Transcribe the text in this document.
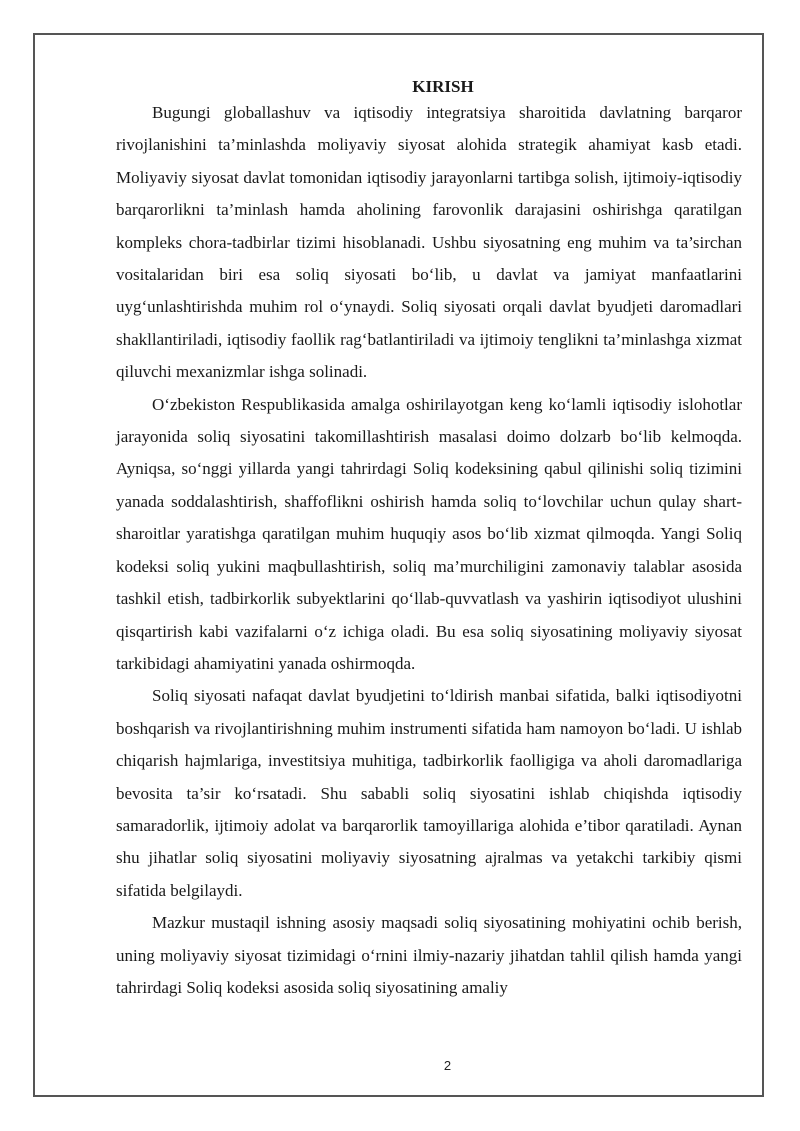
KIRISH

Bugungi globallashuv va iqtisodiy integratsiya sharoitida davlatning barqaror rivojlanishini ta’minlashda moliyaviy siyosat alohida strategik ahamiyat kasb etadi. Moliyaviy siyosat davlat tomonidan iqtisodiy jarayonlarni tartibga solish, ijtimoiy-iqtisodiy barqarorlikni ta’minlash hamda aholining farovonlik darajasini oshirishga qaratilgan kompleks chora-tadbirlar tizimi hisoblanadi. Ushbu siyosatning eng muhim va ta’sirchan vositalaridan biri esa soliq siyosati bo‘lib, u davlat va jamiyat manfaatlarini uyg‘unlashtirishda muhim rol o‘ynaydi. Soliq siyosati orqali davlat byudjeti daromadlari shakllantiriladi, iqtisodiy faollik rag‘batlantiriladi va ijtimoiy tenglikni ta’minlashga xizmat qiluvchi mexanizmlar ishga solinadi.

O‘zbekiston Respublikasida amalga oshirilayotgan keng ko‘lamli iqtisodiy islohotlar jarayonida soliq siyosatini takomillashtirish masalasi doimo dolzarb bo‘lib kelmoqda. Ayniqsa, so‘nggi yillarda yangi tahrirdagi Soliq kodeksining qabul qilinishi soliq tizimini yanada soddalashtirish, shaffoflikni oshirish hamda soliq to‘lovchilar uchun qulay shart-sharoitlar yaratishga qaratilgan muhim huquqiy asos bo‘lib xizmat qilmoqda. Yangi Soliq kodeksi soliq yukini maqbullashtirish, soliq ma’murchiligini zamonaviy talablar asosida tashkil etish, tadbirkorlik subyektlarini qo‘llab-quvvatlash va yashirin iqtisodiyot ulushini qisqartirish kabi vazifalarni o‘z ichiga oladi. Bu esa soliq siyosatining moliyaviy siyosat tarkibidagi ahamiyatini yanada oshirmoqda.

Soliq siyosati nafaqat davlat byudjetini to‘ldirish manbai sifatida, balki iqtisodiyotni boshqarish va rivojlantirishning muhim instrumenti sifatida ham namoyon bo‘ladi. U ishlab chiqarish hajmlariga, investitsiya muhitiga, tadbirkorlik faolligiga va aholi daromadlariga bevosita ta’sir ko‘rsatadi. Shu sababli soliq siyosatini ishlab chiqishda iqtisodiy samaradorlik, ijtimoiy adolat va barqarorlik tamoyillariga alohida e’tibor qaratiladi. Aynan shu jihatlar soliq siyosatini moliyaviy siyosatning ajralmas va yetakchi tarkibiy qismi sifatida belgilaydi.

Mazkur mustaqil ishning asosiy maqsadi soliq siyosatining mohiyatini ochib berish, uning moliyaviy siyosat tizimidagi o‘rnini ilmiy-nazariy jihatdan tahlil qilish hamda yangi tahrirdagi Soliq kodeksi asosida soliq siyosatining amaliy

2
